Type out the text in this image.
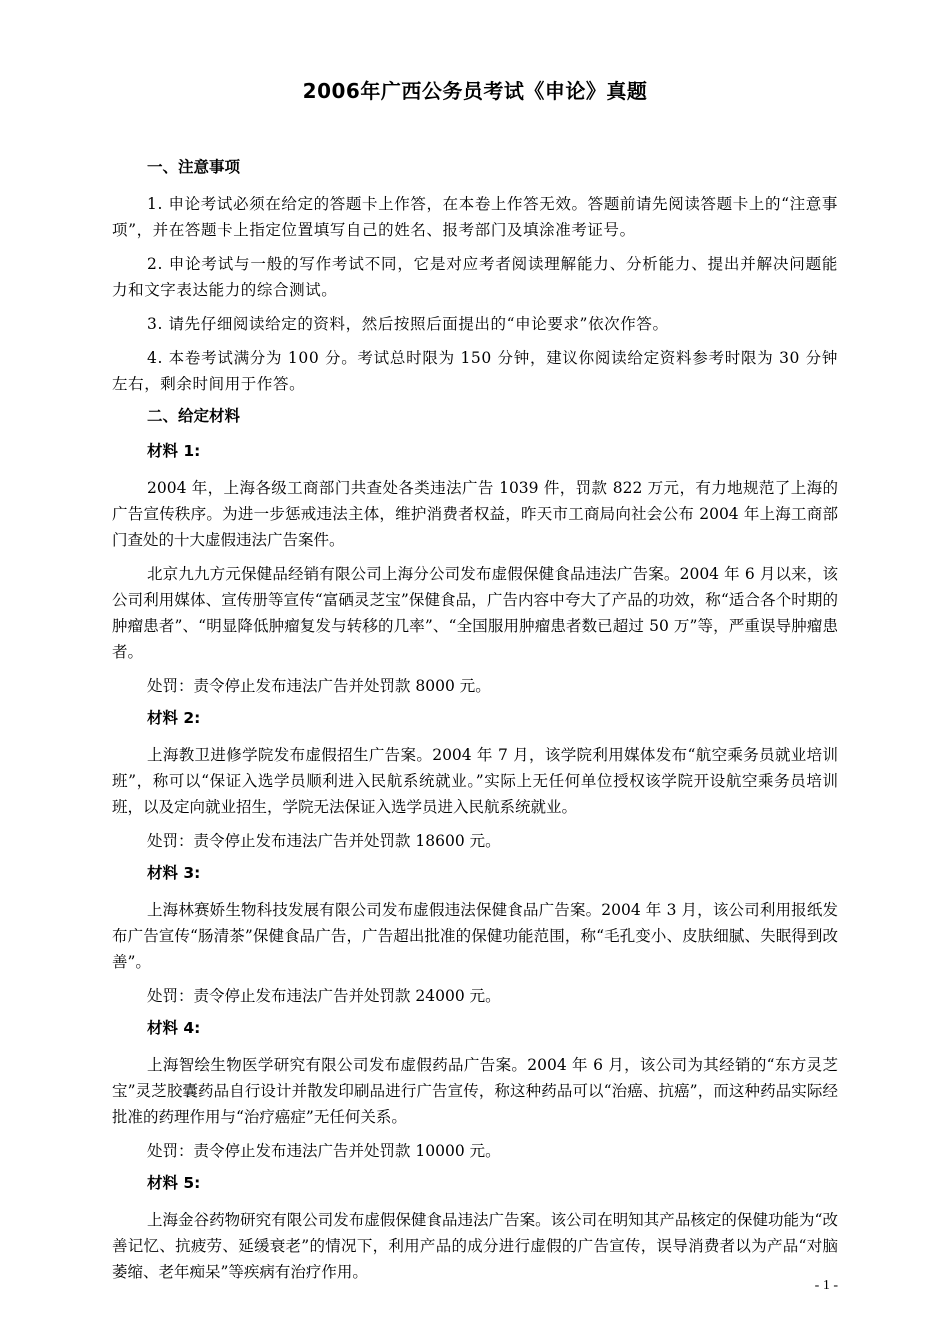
2006年广西公务员考试《申论》真题
一、注意事项
1. 申论考试必须在给定的答题卡上作答，在本卷上作答无效。答题前请先阅读答题卡上的“注意事项”，并在答题卡上指定位置填写自己的姓名、报考部门及填涂准考证号。
2. 申论考试与一般的写作考试不同，它是对应考者阅读理解能力、分析能力、提出并解决问题能力和文字表达能力的综合测试。
3. 请先仔细阅读给定的资料，然后按照后面提出的“申论要求”依次作答。
4. 本卷考试满分为 100 分。考试总时限为 150 分钟，建议你阅读给定资料参考时限为 30 分钟左右，剩余时间用于作答。
二、给定材料
材料 1:
2004 年，上海各级工商部门共查处各类违法广告 1039 件，罚款 822 万元，有力地规范了上海的广告宣传秩序。为进一步惩戒违法主体，维护消费者权益，昨天市工商局向社会公布 2004 年上海工商部门查处的十大虚假违法广告案件。
北京九九方元保健品经销有限公司上海分公司发布虚假保健食品违法广告案。2004 年 6 月以来，该公司利用媒体、宣传册等宣传“富硒灵芝宝”保健食品，广告内容中夸大了产品的功效，称“适合各个时期的肿瘤患者”、“明显降低肿瘤复发与转移的几率”、“全国服用肿瘤患者数已超过 50 万”等，严重误导肿瘤患者。
处罚：责令停止发布违法广告并处罚款 8000 元。
材料 2:
上海教卫进修学院发布虚假招生广告案。2004 年 7 月，该学院利用媒体发布“航空乘务员就业培训班”，称可以“保证入选学员顺利进入民航系统就业。”实际上无任何单位授权该学院开设航空乘务员培训班，以及定向就业招生，学院无法保证入选学员进入民航系统就业。
处罚：责令停止发布违法广告并处罚款 18600 元。
材料 3:
上海林赛娇生物科技发展有限公司发布虚假违法保健食品广告案。2004 年 3 月，该公司利用报纸发布广告宣传“肠清茶”保健食品广告，广告超出批准的保健功能范围，称“毛孔变小、皮肤细腻、失眠得到改善”。
处罚：责令停止发布违法广告并处罚款 24000 元。
材料 4:
上海智绘生物医学研究有限公司发布虚假药品广告案。2004 年 6 月，该公司为其经销的“东方灵芝宝”灵芝胶囊药品自行设计并散发印刷品进行广告宣传，称这种药品可以“治癌、抗癌”，而这种药品实际经批准的药理作用与“治疗癌症”无任何关系。
处罚：责令停止发布违法广告并处罚款 10000 元。
材料 5:
上海金谷药物研究有限公司发布虚假保健食品违法广告案。该公司在明知其产品核定的保健功能为“改善记忆、抗疲劳、延缓衰老”的情况下，利用产品的成分进行虚假的广告宣传，误导消费者以为产品“对脑萎缩、老年痴呆”等疾病有治疗作用。
- 1 -
